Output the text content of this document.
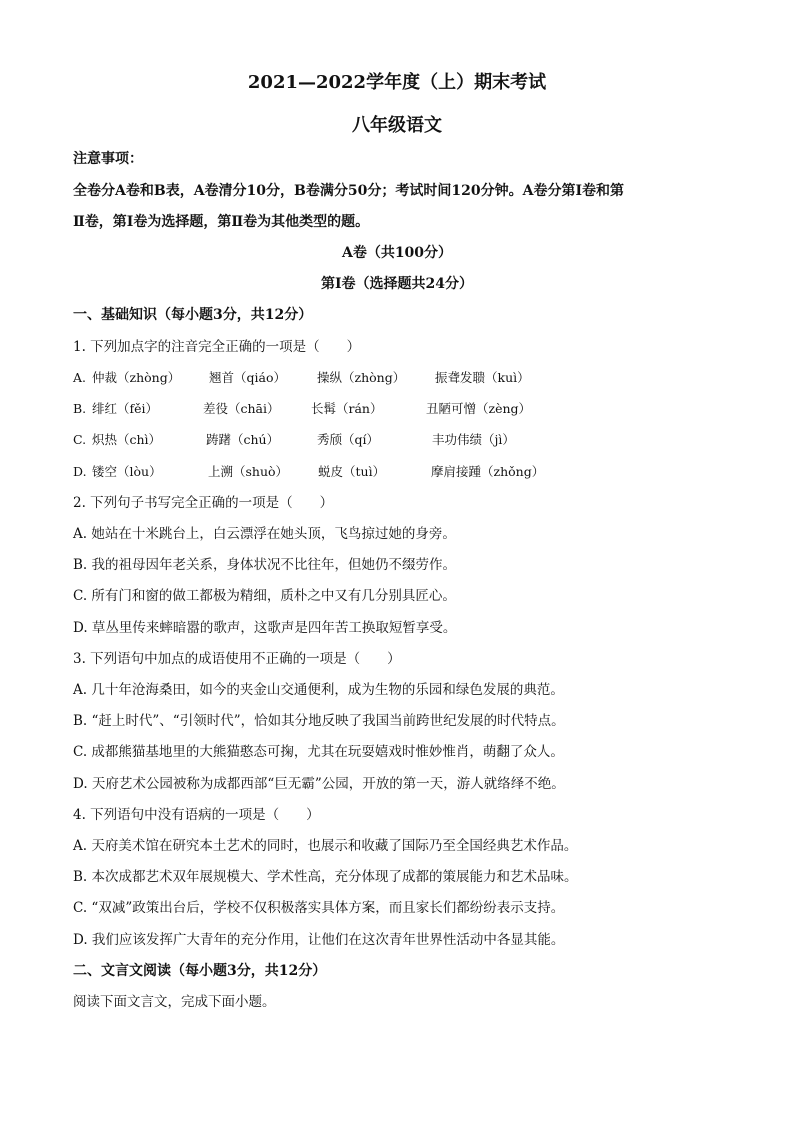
2021—2022学年度（上）期末考试
八年级语文
注意事项：
全卷分A卷和B表，A卷清分10分，B卷满分50分；考试时间120分钟。A卷分第Ⅰ卷和第
Ⅱ卷，第Ⅰ卷为选择题，第Ⅱ卷为其他类型的题。
A卷（共100分）
第Ⅰ卷（选择题共24分）
一、基础知识（每小题3分，共12分）
1. 下列加点字的注音完全正确的一项是（　　）
A. 仲裁（zhòng） 翘首（qiáo） 操纵（zhòng） 振聋发聩（kuì）
B. 绯红（fěi）	差役（chāi）	长髯（rán）	丑陋可憎（zèng）
C. 炽热（chì）	踌躇（chú）	秀颀（qí）	丰功伟绩（jì）
D. 镂空（lòu）	上溯（shuò） 蜕皮（tuì）	摩肩接踵（zhǒng）
2. 下列句子书写完全正确的一项是（　　）
A. 她站在十米跳台上，白云漂浮在她头顶，飞鸟掠过她的身旁。
B. 我的祖母因年老关系，身体状况不比往年，但她仍不缀劳作。
C. 所有门和窗的做工都极为精细，质朴之中又有几分别具匠心。
D. 草丛里传来蟀暗嚣的歌声，这歌声是四年苦工换取短暂享受。
3. 下列语句中加点的成语使用不正确的一项是（　　）
A. 几十年沧海桑田，如今的夹金山交通便利，成为生物的乐园和绿色发展的典范。
B. “赶上时代”、“引领时代”，恰如其分地反映了我国当前跨世纪发展的时代特点。
C. 成都熊猫基地里的大熊猫憨态可掬，尤其在玩耍嬉戏时惟妙惟肖，萌翻了众人。
D. 天府艺术公园被称为成都西部“巨无霸”公园，开放的第一天，游人就络绎不绝。
4. 下列语句中没有语病的一项是（　　）
A. 天府美术馆在研究本土艺术的同时，也展示和收藏了国际乃至全国经典艺术作品。
B. 本次成都艺术双年展规模大、学术性高，充分体现了成都的策展能力和艺术品味。
C. “双减”政策出台后，学校不仅积极落实具体方案，而且家长们都纷纷表示支持。
D. 我们应该发挥广大青年的充分作用，让他们在这次青年世界性活动中各显其能。
二、文言文阅读（每小题3分，共12分）
阅读下面文言文，完成下面小题。
